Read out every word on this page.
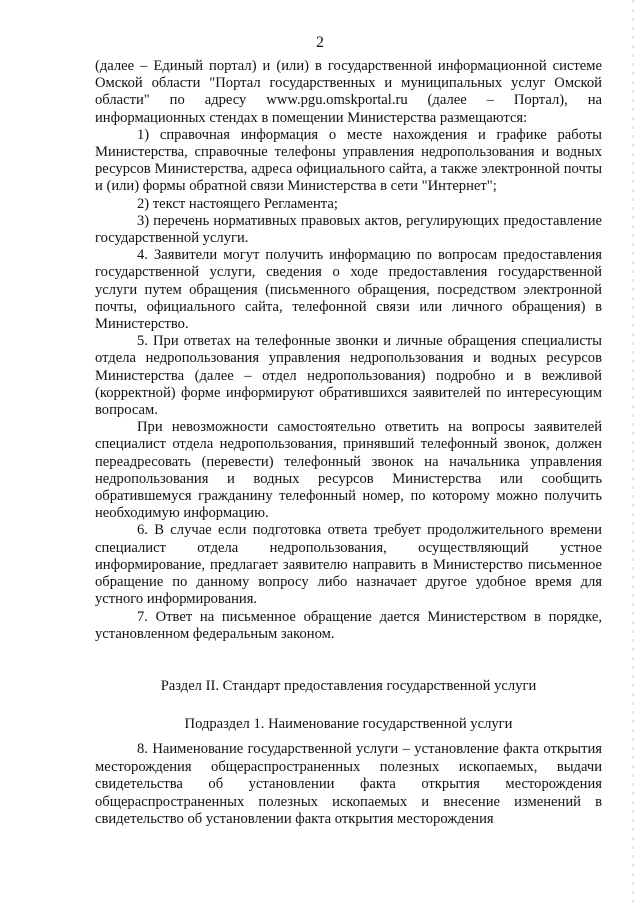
2

(далее – Единый портал) и (или) в государственной информационной системе Омской области "Портал государственных и муниципальных услуг Омской области" по адресу www.pgu.omskportal.ru (далее – Портал), на информационных стендах в помещении Министерства размещаются:

1) справочная информация о месте нахождения и графике работы Министерства, справочные телефоны управления недропользования и водных ресурсов Министерства, адреса официального сайта, а также электронной почты и (или) формы обратной связи Министерства в сети "Интернет";

2) текст настоящего Регламента;

3) перечень нормативных правовых актов, регулирующих предоставление государственной услуги.

4. Заявители могут получить информацию по вопросам предоставления государственной услуги, сведения о ходе предоставления государственной услуги путем обращения (письменного обращения, посредством электронной почты, официального сайта, телефонной связи или личного обращения) в Министерство.

5. При ответах на телефонные звонки и личные обращения специалисты отдела недропользования управления недропользования и водных ресурсов Министерства (далее – отдел недропользования) подробно и в вежливой (корректной) форме информируют обратившихся заявителей по интересующим вопросам.

При невозможности самостоятельно ответить на вопросы заявителей специалист отдела недропользования, принявший телефонный звонок, должен переадресовать (перевести) телефонный звонок на начальника управления недропользования и водных ресурсов Министерства или сообщить обратившемуся гражданину телефонный номер, по которому можно получить необходимую информацию.

6. В случае если подготовка ответа требует продолжительного времени специалист отдела недропользования, осуществляющий устное информирование, предлагает заявителю направить в Министерство письменное обращение по данному вопросу либо назначает другое удобное время для устного информирования.

7. Ответ на письменное обращение дается Министерством в порядке, установленном федеральным законом.

Раздел II. Стандарт предоставления государственной услуги

Подраздел 1. Наименование государственной услуги

8. Наименование государственной услуги – установление факта открытия месторождения общераспространенных полезных ископаемых, выдачи свидетельства об установлении факта открытия месторождения общераспространенных полезных ископаемых и внесение изменений в свидетельство об установлении факта открытия месторождения
